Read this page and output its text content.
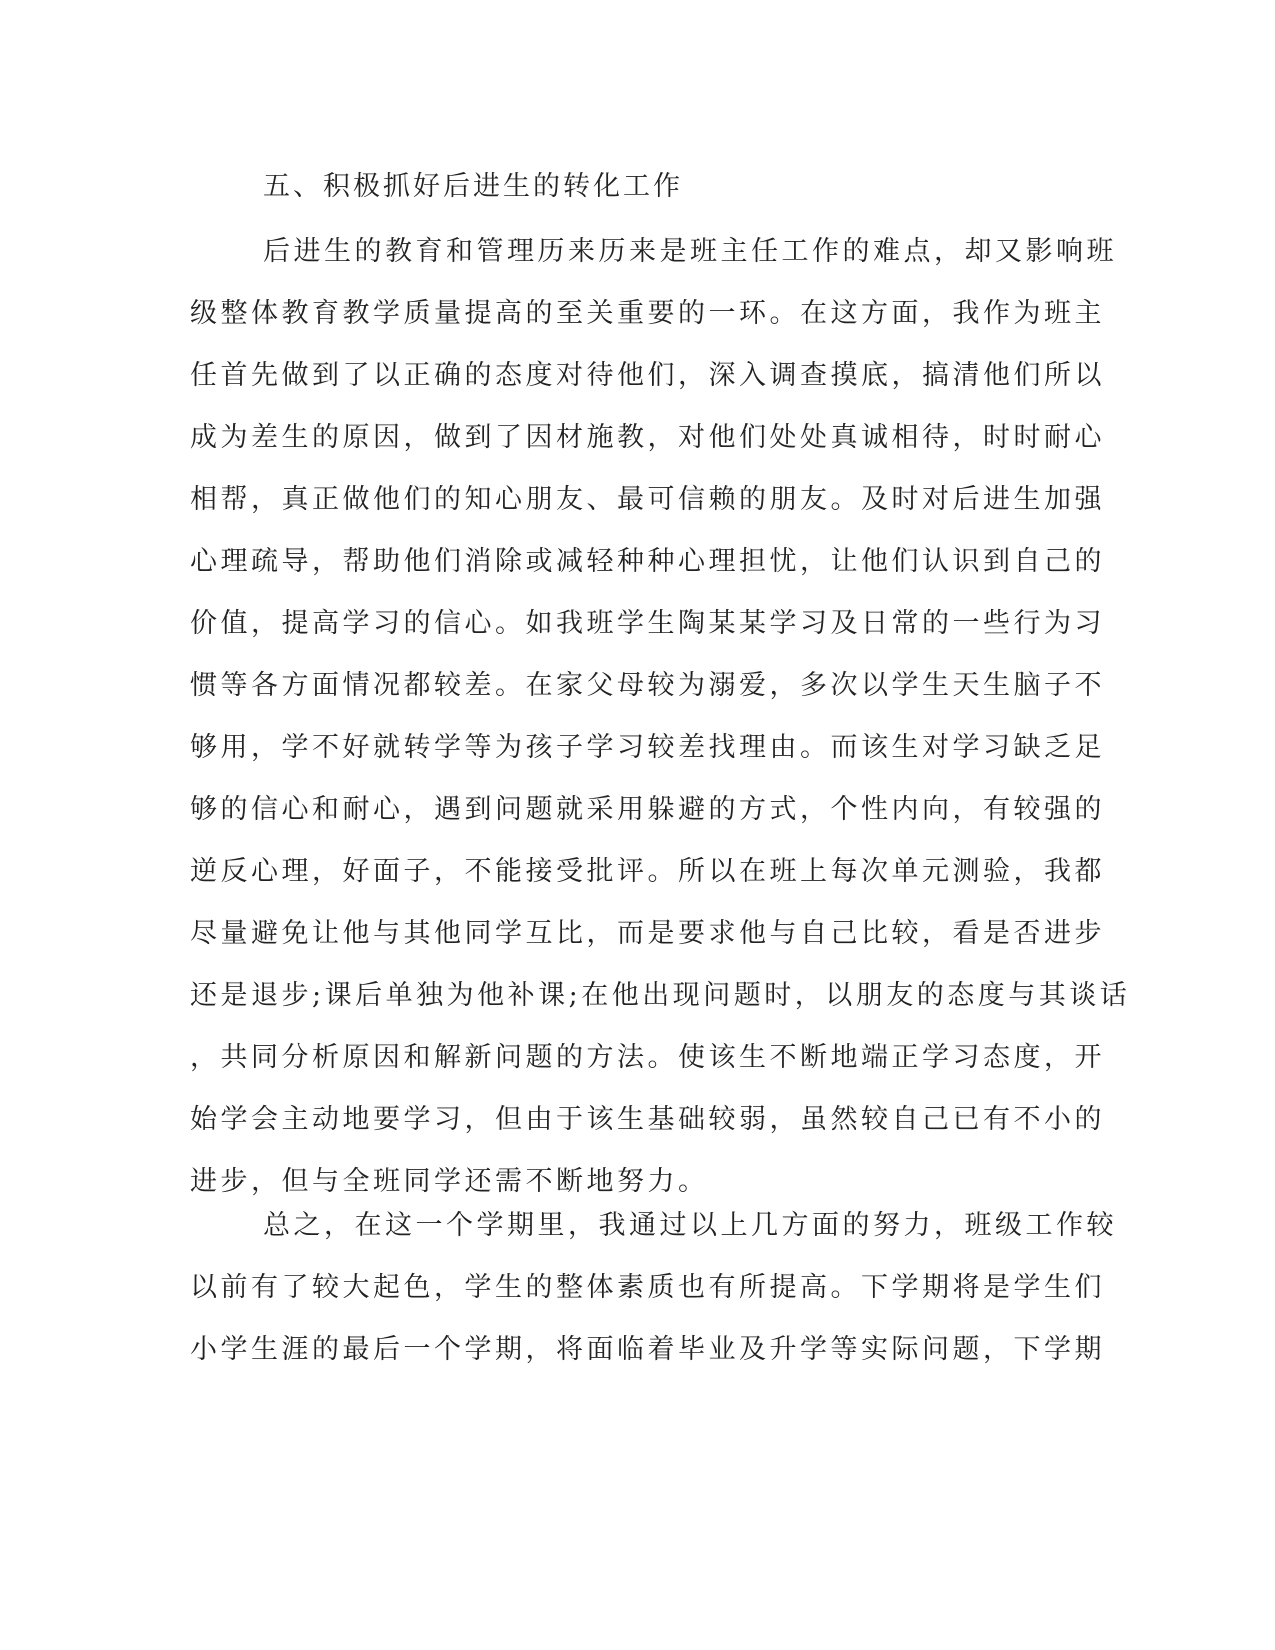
五、积极抓好后进生的转化工作
后进生的教育和管理历来历来是班主任工作的难点，却又影响班
级整体教育教学质量提高的至关重要的一环。在这方面，我作为班主
任首先做到了以正确的态度对待他们，深入调查摸底，搞清他们所以
成为差生的原因，做到了因材施教，对他们处处真诚相待，时时耐心
相帮，真正做他们的知心朋友、最可信赖的朋友。及时对后进生加强
心理疏导，帮助他们消除或减轻种种心理担忧，让他们认识到自己的
价值，提高学习的信心。如我班学生陶某某学习及日常的一些行为习
惯等各方面情况都较差。在家父母较为溺爱，多次以学生天生脑子不
够用，学不好就转学等为孩子学习较差找理由。而该生对学习缺乏足
够的信心和耐心，遇到问题就采用躲避的方式，个性内向，有较强的
逆反心理，好面子，不能接受批评。所以在班上每次单元测验，我都
尽量避免让他与其他同学互比，而是要求他与自己比较，看是否进步
还是退步;课后单独为他补课;在他出现问题时，以朋友的态度与其谈话
，共同分析原因和解新问题的方法。使该生不断地端正学习态度，开
始学会主动地要学习，但由于该生基础较弱，虽然较自己已有不小的
进步，但与全班同学还需不断地努力。
总之，在这一个学期里，我通过以上几方面的努力，班级工作较
以前有了较大起色，学生的整体素质也有所提高。下学期将是学生们
小学生涯的最后一个学期，将面临着毕业及升学等实际问题，下学期
